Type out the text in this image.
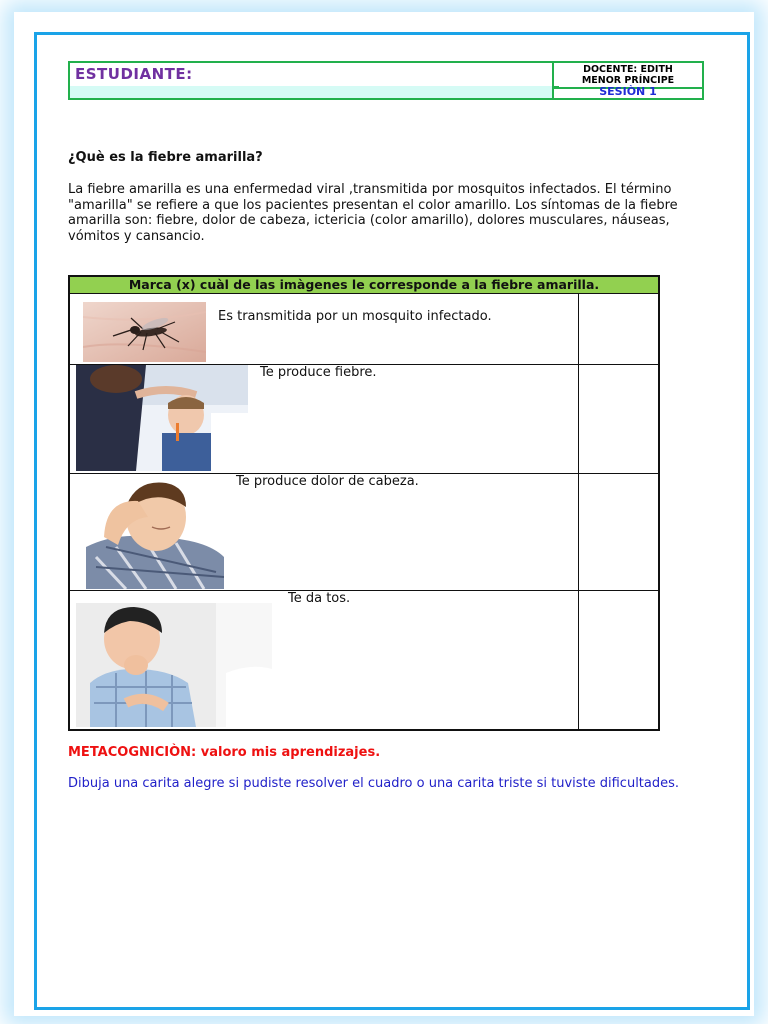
ESTUDIANTE:	DOCENTE: EDITH
MENOR PRÍNCIPE
SESIÒN 1
¿Què es la fiebre amarilla?
La fiebre amarilla es una enfermedad viral ,transmitida por mosquitos infectados. El término "amarilla" se refiere a que los pacientes presentan el color amarillo. Los síntomas de la fiebre amarilla son: fiebre, dolor de cabeza, ictericia (color amarillo), dolores musculares, náuseas, vómitos y cansancio.
Marca (x) cuàl de las imàgenes le corresponde a la fiebre amarilla.
Es transmitida por un mosquito infectado.
Te produce fiebre.
Te produce dolor de cabeza.
Te da tos.
METACOGNICIÒN: valoro mis aprendizajes.
Dibuja una carita alegre si pudiste resolver el cuadro o una carita triste si tuviste dificultades.
